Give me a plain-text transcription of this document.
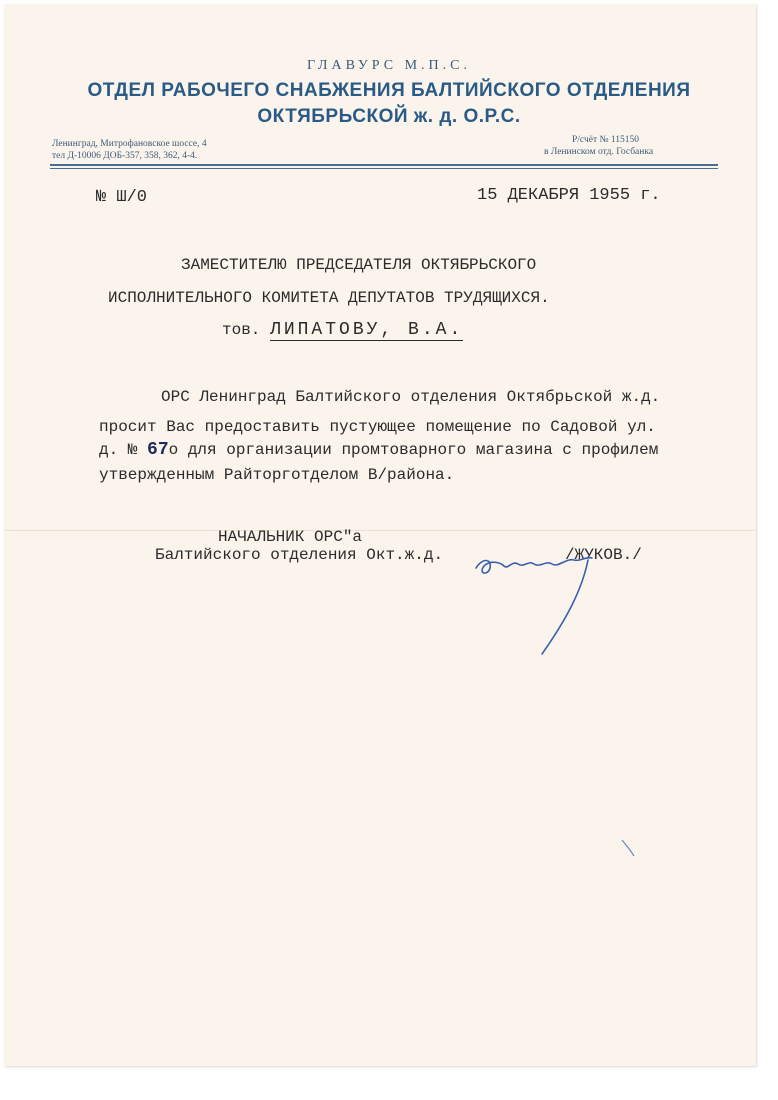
ГЛАВУРС М.П.С.
ОТДЕЛ РАБОЧЕГО СНАБЖЕНИЯ БАЛТИЙСКОГО ОТДЕЛЕНИЯ
ОКТЯБРЬСКОЙ ж. д. О.Р.С.
Ленинград, Митрофановское шоссе, 4
тел Д-10006 ДОБ-357, 358, 362, 4-4.
Р/счёт № 115150
в Ленинском отд. Госбанка
№ Ш/0	15 ДЕКАБРЯ 1955 г.
ЗАМЕСТИТЕЛЮ ПРЕДСЕДАТЕЛЯ ОКТЯБРЬСКОГО
ИСПОЛНИТЕЛЬНОГО КОМИТЕТА ДЕПУТАТОВ ТРУДЯЩИХСЯ.
тов. ЛИПАТОВУ, В.А.
ОРС Ленинград Балтийского отделения Октябрьской ж.д.
просит Вас предоставить пустующее помещение по Садовой ул.
д. № 67о для организации промтоварного магазина с профилем
утвержденным Райторготделом В/района.
НАЧАЛЬНИК ОРС"а
Балтийского отделения Окт.ж.д.	/ЖУКОВ./
